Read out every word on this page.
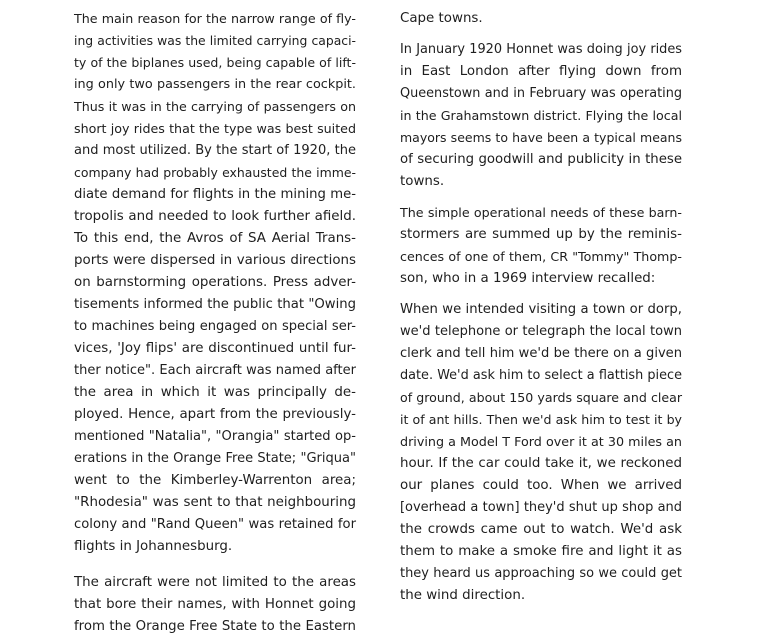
The main reason for the narrow range of fly-
ing activities was the limited carrying capaci-
ty of the biplanes used, being capable of lift-
ing only two passengers in the rear cockpit.
Thus it was in the carrying of passengers on
short joy rides that the type was best suited
and most utilized. By the start of 1920, the
company had probably exhausted the imme-
diate demand for flights in the mining me-
tropolis and needed to look further afield.
To this end, the Avros of SA Aerial Trans-
ports were dispersed in various directions
on barnstorming operations. Press adver-
tisements informed the public that "Owing
to machines being engaged on special ser-
vices, 'Joy flips' are discontinued until fur-
ther notice". Each aircraft was named after
the area in which it was principally de-
ployed. Hence, apart from the previously-
mentioned "Natalia", "Orangia" started op-
erations in the Orange Free State; "Griqua"
went to the Kimberley-Warrenton area;
"Rhodesia" was sent to that neighbouring
colony and "Rand Queen" was retained for
flights in Johannesburg.
The aircraft were not limited to the areas
that bore their names, with Honnet going
from the Orange Free State to the Eastern
Cape towns.
In January 1920 Honnet was doing joy rides
in East London after flying down from
Queenstown and in February was operating
in the Grahamstown district. Flying the local
mayors seems to have been a typical means
of securing goodwill and publicity in these
towns.
The simple operational needs of these barn-
stormers are summed up by the reminis-
cences of one of them, CR "Tommy" Thomp-
son, who in a 1969 interview recalled:
When we intended visiting a town or dorp,
we'd telephone or telegraph the local town
clerk and tell him we'd be there on a given
date. We'd ask him to select a flattish piece
of ground, about 150 yards square and clear
it of ant hills. Then we'd ask him to test it by
driving a Model T Ford over it at 30 miles an
hour. If the car could take it, we reckoned
our planes could too. When we arrived
[overhead a town] they'd shut up shop and
the crowds came out to watch. We'd ask
them to make a smoke fire and light it as
they heard us approaching so we could get
the wind direction.
